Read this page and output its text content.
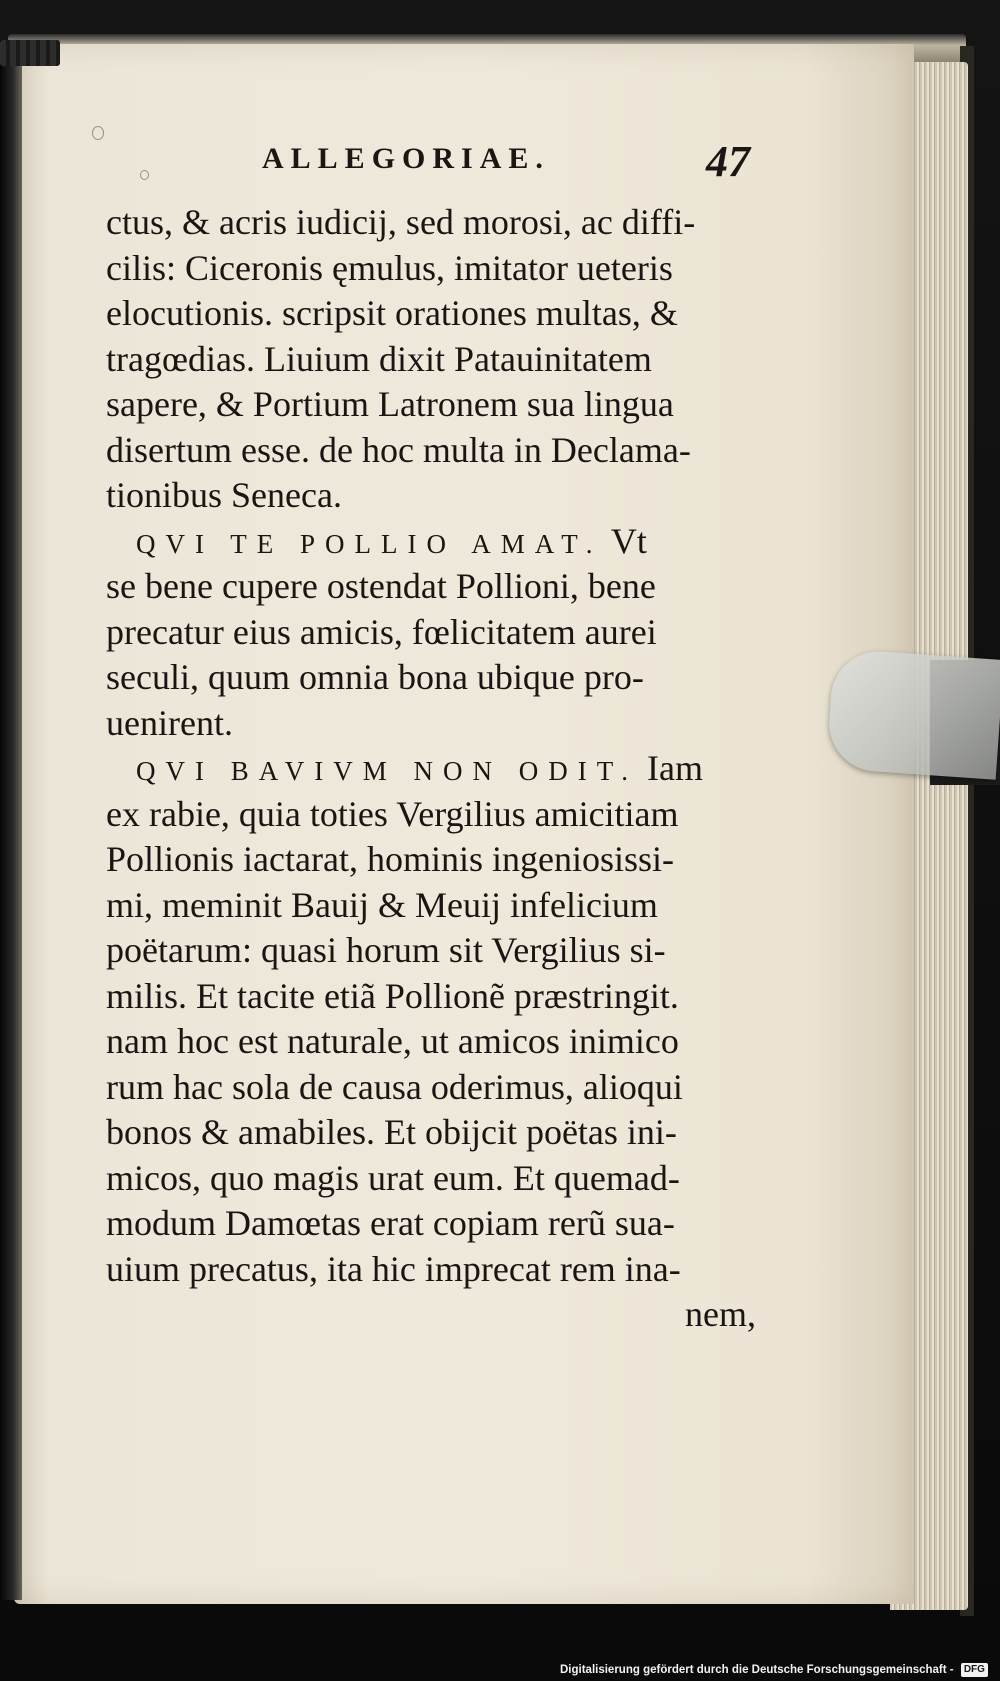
ALLEGORIAE.	47
ctus, & acris iudicij, sed morosi, ac diffi-
cilis: Ciceronis ęmulus, imitator ueteris
elocutionis. scripsit orationes multas, &
tragœdias. Liuium dixit Patauinitatem
sapere, & Portium Latronem sua lingua
disertum esse. de hoc multa in Declama-
tionibus Seneca.
QVI TE POLLIO AMAT. Vt
se bene cupere ostendat Pollioni, bene
precatur eius amicis, fœlicitatem aurei
seculi, quum omnia bona ubique pro-
uenirent.
QVI BAVIVM NON ODIT. Iam
ex rabie, quia toties Vergilius amicitiam
Pollionis iactarat, hominis ingeniosissi-
mi, meminit Bauij & Meuij infelicium
poëtarum: quasi horum sit Vergilius si-
milis. Et tacite etiã Pollionẽ præstringit.
nam hoc est naturale, ut amicos inimico
rum hac sola de causa oderimus, alioqui
bonos & amabiles. Et obijcit poëtas ini-
micos, quo magis urat eum. Et quemad-
modum Damœtas erat copiam rerũ sua-
uium precatus, ita hic imprecat rem ina-
nem,
Digitalisierung gefördert durch die Deutsche Forschungsgemeinschaft - DFG
